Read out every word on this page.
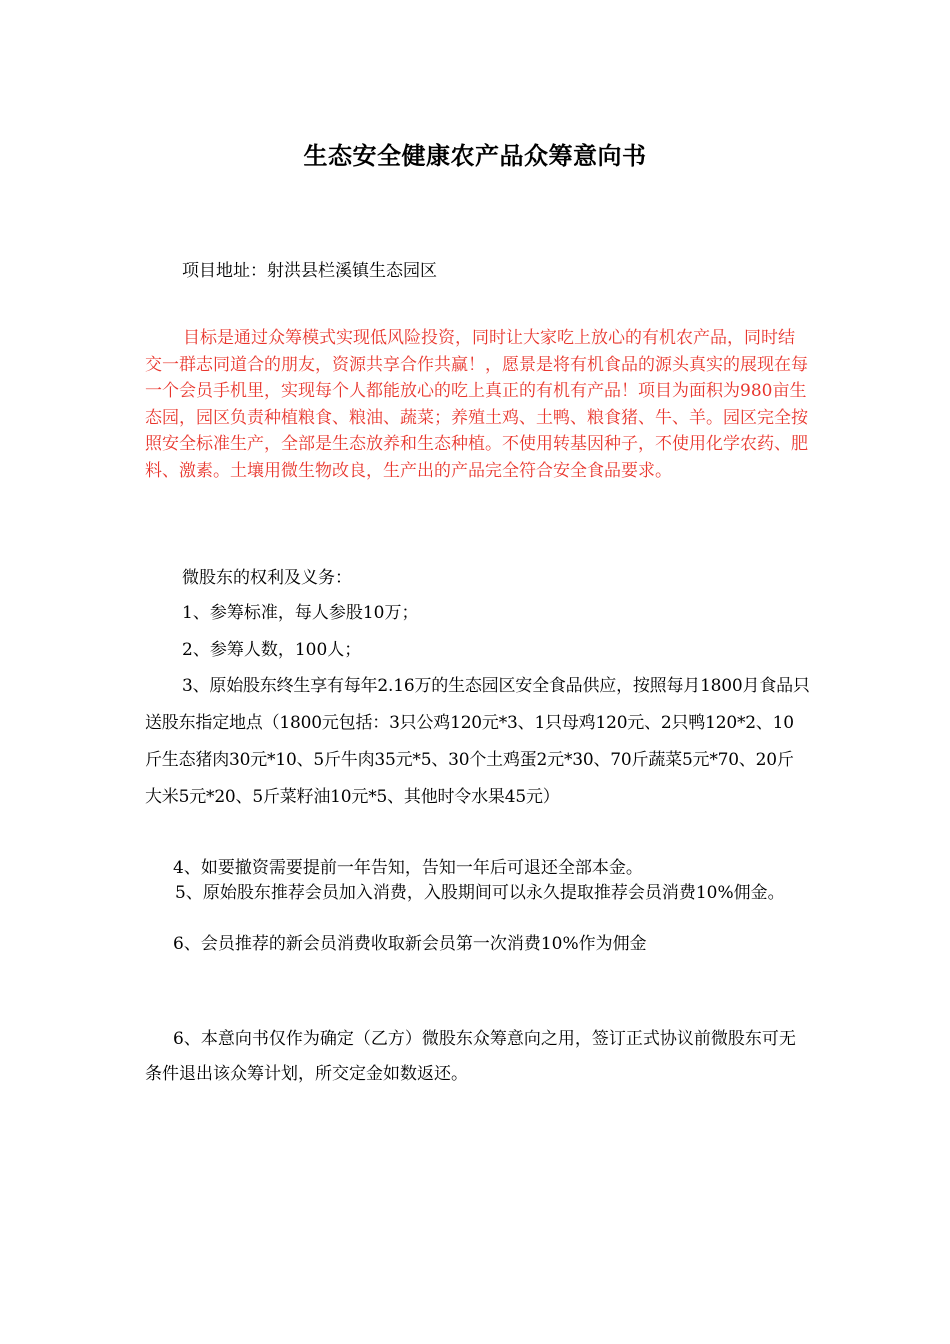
生态安全健康农产品众筹意向书
项目地址：射洪县栏溪镇生态园区

目标是通过众筹模式实现低风险投资，同时让大家吃上放心的有机农产品，同时结交一群志同道合的朋友，资源共享合作共赢！，愿景是将有机食品的源头真实的展现在每一个会员手机里，实现每个人都能放心的吃上真正的有机有产品！项目为面积为980亩生态园，园区负责种植粮食、粮油、蔬菜；养殖土鸡、土鸭、粮食猪、牛、羊。园区完全按照安全标准生产，全部是生态放养和生态种植。不使用转基因种子，不使用化学农药、肥料、激素。土壤用微生物改良，生产出的产品完全符合安全食品要求。

微股东的权利及义务：

1、参筹标准，每人参股10万；

2、参筹人数，100人；

3、原始股东终生享有每年2.16万的生态园区安全食品供应，按照每月1800月食品只送股东指定地点（1800元包括：3只公鸡120元*3、1只母鸡120元、2只鸭120*2、10斤生态猪肉30元*10、5斤牛肉35元*5、30个土鸡蛋2元*30、70斤蔬菜5元*70、20斤大米5元*20、5斤菜籽油10元*5、其他时令水果45元）

4、如要撤资需要提前一年告知，告知一年后可退还全部本金。

5、原始股东推荐会员加入消费，入股期间可以永久提取推荐会员消费10%佣金。

6、会员推荐的新会员消费收取新会员第一次消费10%作为佣金

6、本意向书仅作为确定（乙方）微股东众筹意向之用，签订正式协议前微股东可无条件退出该众筹计划，所交定金如数返还。
